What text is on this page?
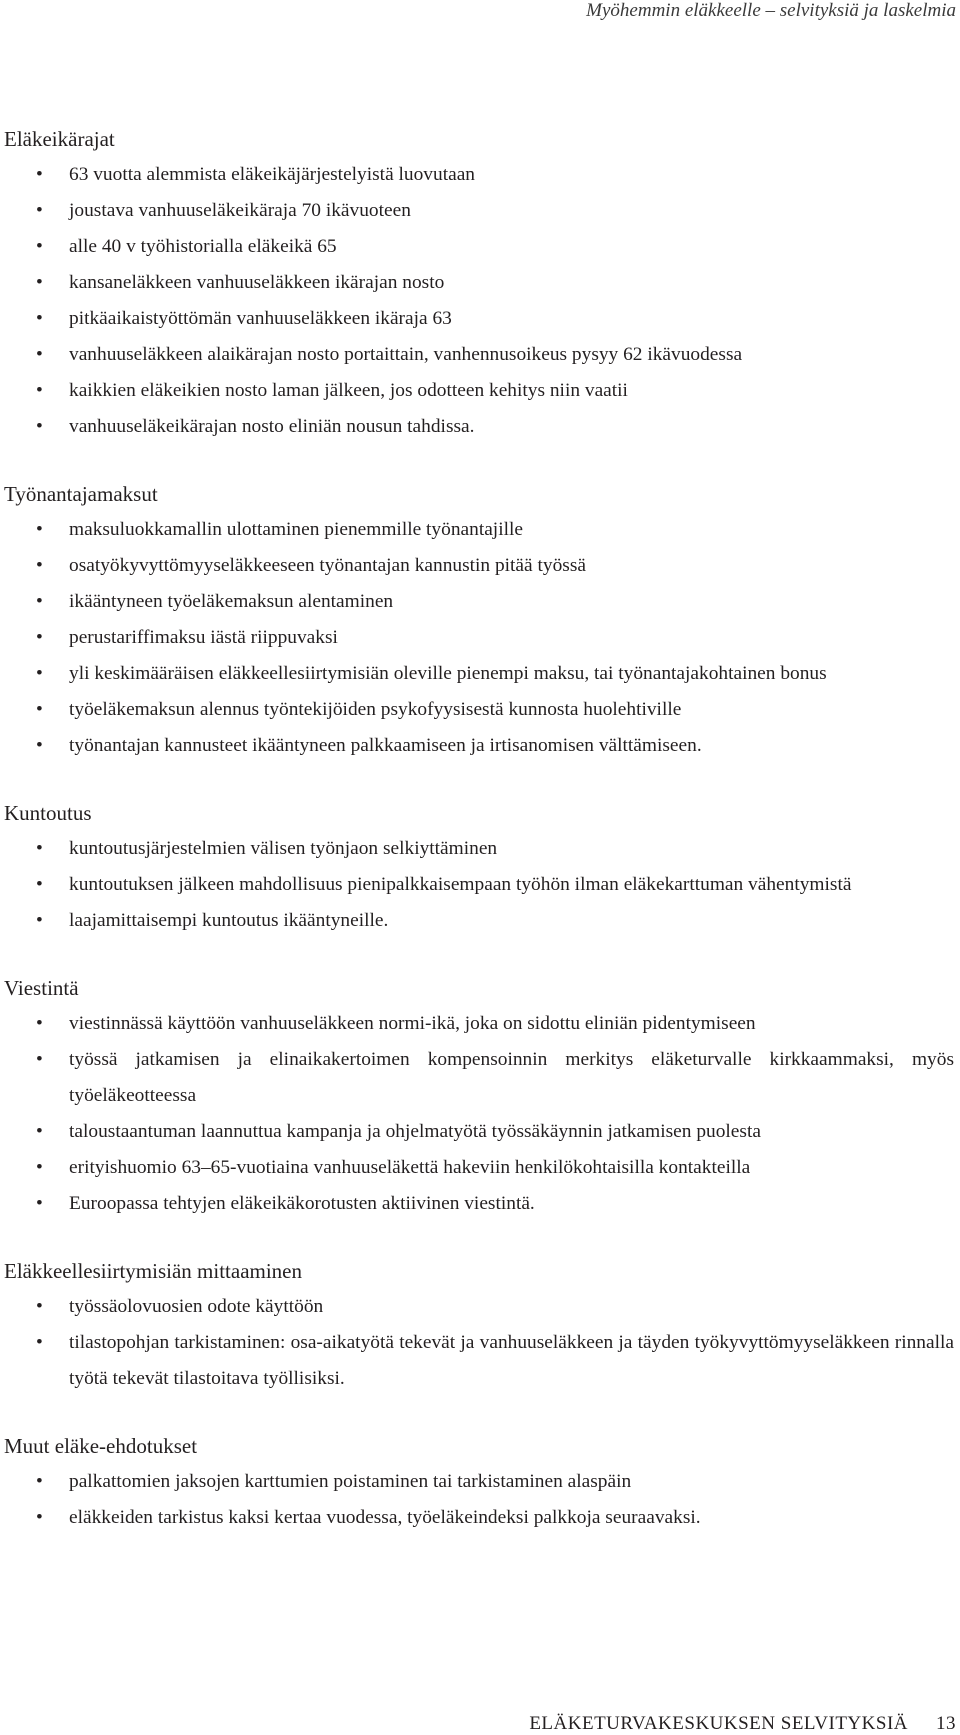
Myöhemmin eläkkeelle – selvityksiä ja laskelmia
Eläkeikärajat
• 63 vuotta alemmista eläkeikäjärjestelyistä luovutaan
• joustava vanhuuseläkeikäraja 70 ikävuoteen
• alle 40 v työhistorialla eläkeikä 65
• kansaneläkkeen vanhuuseläkkeen ikärajan nosto
• pitkäaikaistyöttömän vanhuuseläkkeen ikäraja 63
• vanhuuseläkkeen alaikärajan nosto portaittain, vanhennusoikeus pysyy 62 ikävuodessa
• kaikkien eläkeikien nosto laman jälkeen, jos odotteen kehitys niin vaatii
• vanhuuseläkeikärajan nosto eliniän nousun tahdissa.
Työnantajamaksut
• maksuluokkamallin ulottaminen pienemmille työnantajille
• osatyökyvyttömyyseläkkeeseen työnantajan kannustin pitää työssä
• ikääntyneen työeläkemaksun alentaminen
• perustariffimaksu iästä riippuvaksi
• yli keskimääräisen eläkkeellesiirtymisiän oleville pienempi maksu, tai työnantajakohtainen bonus
• työeläkemaksun alennus työntekijöiden psykofyysisestä kunnosta huolehtiville
• työnantajan kannusteet ikääntyneen palkkaamiseen ja irtisanomisen välttämiseen.
Kuntoutus
• kuntoutusjärjestelmien välisen työnjaon selkiyttäminen
• kuntoutuksen jälkeen mahdollisuus pienipalkkaisempaan työhön ilman eläkekarttuman vähentymistä
• laajamittaisempi kuntoutus ikääntyneille.
Viestintä
• viestinnässä käyttöön vanhuuseläkkeen normi-ikä, joka on sidottu eliniän pidentymiseen
• työssä jatkamisen ja elinaikakertoimen kompensoinnin merkitys eläketurvalle kirkkaammaksi, myös työeläkeotteessa
• taloustaantuman laannuttua kampanja ja ohjelmatyötä työssäkäynnin jatkamisen puolesta
• erityishuomio 63–65-vuotiaina vanhuuseläkettä hakeviin henkilökohtaisilla kontakteilla
• Euroopassa tehtyjen eläkeikäkorotusten aktiivinen viestintä.
Eläkkeellesiirtymisiän mittaaminen
• työssäolovuosien odote käyttöön
• tilastopohjan tarkistaminen: osa-aikatyötä tekevät ja vanhuuseläkkeen ja täyden työkyvyttömyyseläkkeen rinnalla työtä tekevät tilastoitava työllisiksi.
Muut eläke-ehdotukset
• palkattomien jaksojen karttumien poistaminen tai tarkistaminen alaspäin
• eläkkeiden tarkistus kaksi kertaa vuodessa, työeläkeindeksi palkkoja seuraavaksi.
ELÄKETURVAKESKUKSEN SELVITYKSIÄ 13
